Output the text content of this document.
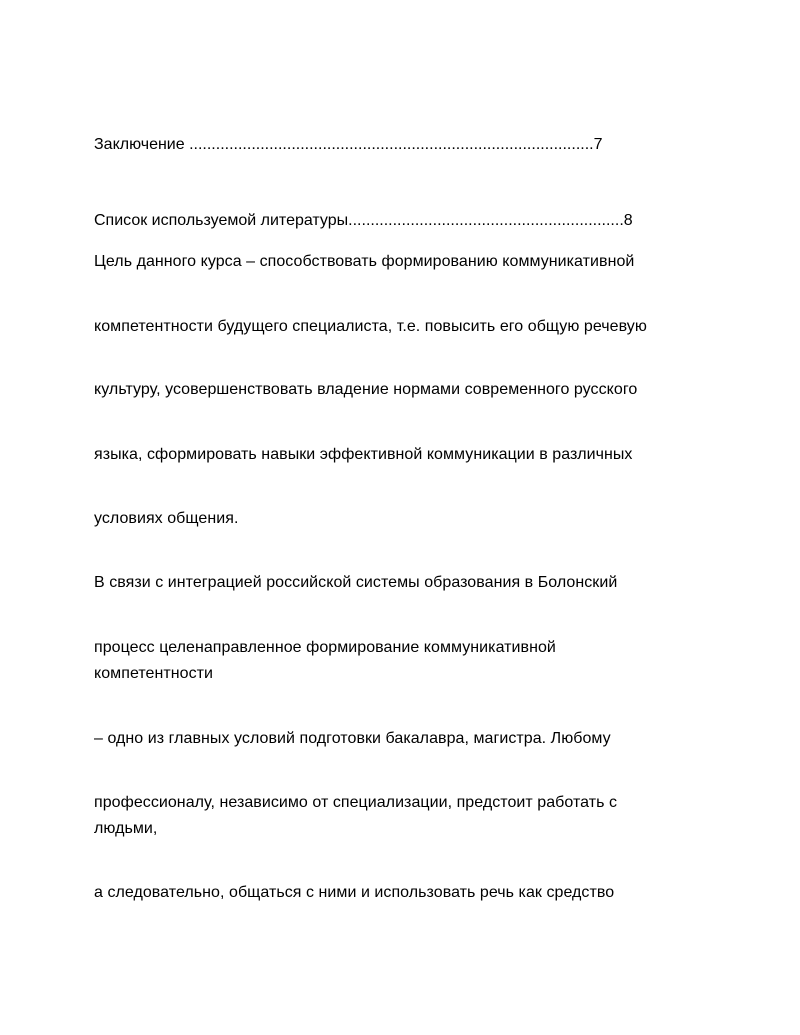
Заключение ...........................................................................................7
Список используемой литературы..............................................................8
Цель данного курса – способствовать формированию коммуникативной
компетентности будущего специалиста, т.е. повысить его общую речевую
культуру, усовершенствовать владение нормами современного русского
языка, сформировать навыки эффективной коммуникации в различных
условиях общения.
В связи с интеграцией российской системы образования в Болонский
процесс целенаправленное формирование коммуникативной
компетентности
– одно из главных условий подготовки бакалавра, магистра. Любому
профессионалу, независимо от специализации, предстоит работать с
людьми,
а следовательно, общаться с ними и использовать речь как средство
